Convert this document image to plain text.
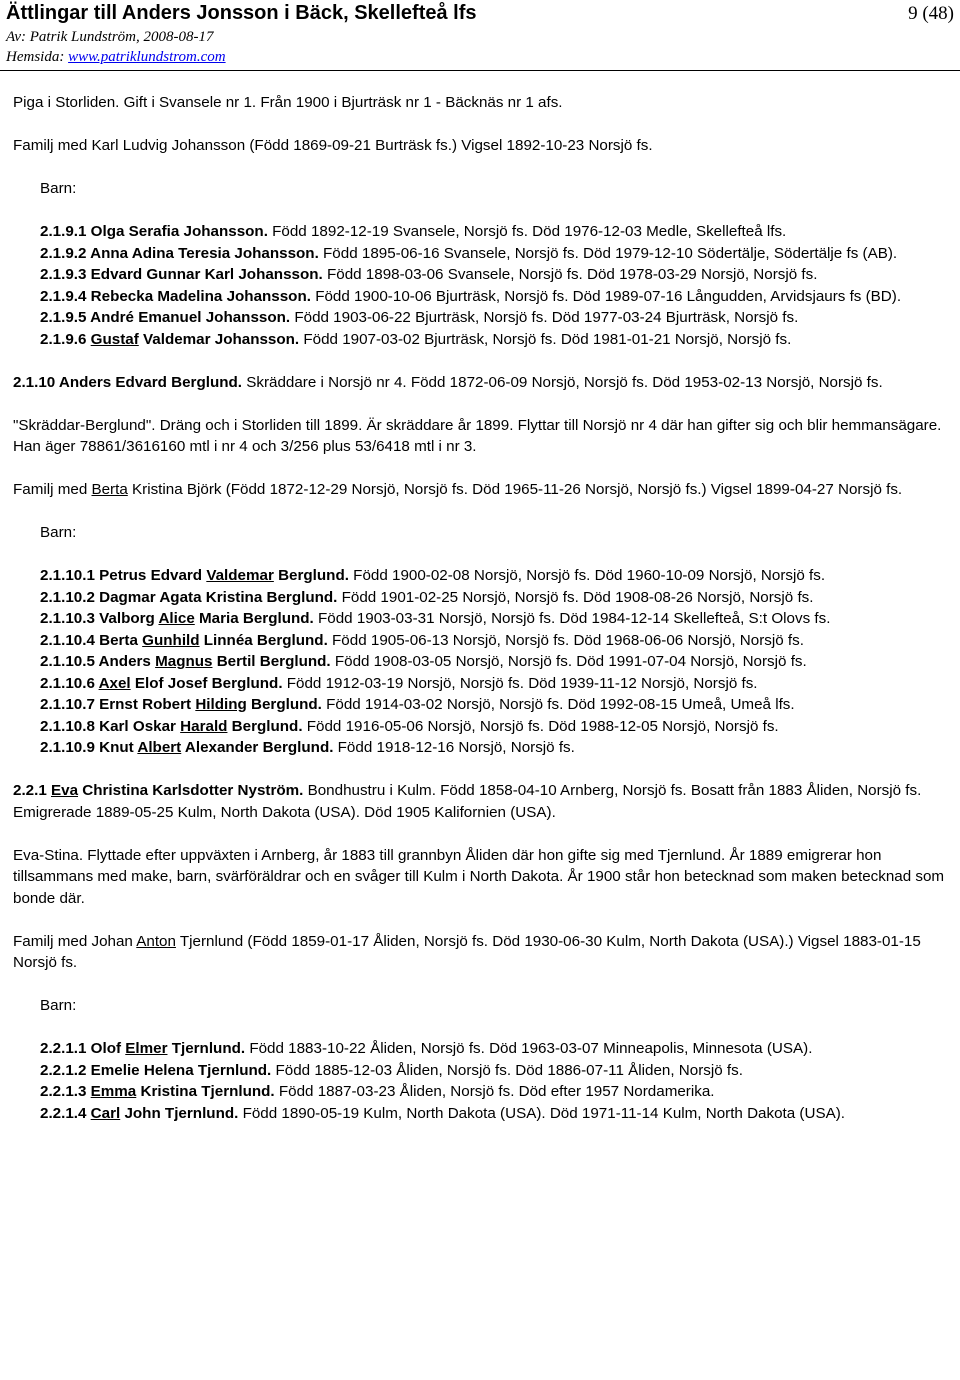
Ättlingar till Anders Jonsson i Bäck, Skellefteå lfs	9 (48)
Av: Patrik Lundström, 2008-08-17
Hemsida: www.patriklundstrom.com

Piga i Storliden. Gift i Svansele nr 1. Från 1900 i Bjurträsk nr 1 - Bäcknäs nr 1 afs.

Familj med Karl Ludvig Johansson (Född 1869-09-21 Burträsk fs.) Vigsel 1892-10-23 Norsjö fs.

Barn:

2.1.9.1 Olga Serafia Johansson. Född 1892-12-19 Svansele, Norsjö fs. Död 1976-12-03 Medle, Skellefteå lfs.

2.1.9.2 Anna Adina Teresia Johansson. Född 1895-06-16 Svansele, Norsjö fs. Död 1979-12-10 Södertälje, Södertälje fs (AB).

2.1.9.3 Edvard Gunnar Karl Johansson. Född 1898-03-06 Svansele, Norsjö fs. Död 1978-03-29 Norsjö, Norsjö fs.

2.1.9.4 Rebecka Madelina Johansson. Född 1900-10-06 Bjurträsk, Norsjö fs. Död 1989-07-16 Långudden, Arvidsjaurs fs (BD).

2.1.9.5 André Emanuel Johansson. Född 1903-06-22 Bjurträsk, Norsjö fs. Död 1977-03-24 Bjurträsk, Norsjö fs.

2.1.9.6 Gustaf Valdemar Johansson. Född 1907-03-02 Bjurträsk, Norsjö fs. Död 1981-01-21 Norsjö, Norsjö fs.

2.1.10 Anders Edvard Berglund. Skräddare i Norsjö nr 4. Född 1872-06-09 Norsjö, Norsjö fs. Död 1953-02-13 Norsjö, Norsjö fs.

"Skräddar-Berglund". Dräng och i Storliden till 1899. Är skräddare år 1899. Flyttar till Norsjö nr 4 där han gifter sig och blir hemmansägare. Han äger 78861/3616160 mtl i nr 4 och 3/256 plus 53/6418 mtl i nr 3.

Familj med Berta Kristina Björk (Född 1872-12-29 Norsjö, Norsjö fs. Död 1965-11-26 Norsjö, Norsjö fs.) Vigsel 1899-04-27 Norsjö fs.

Barn:

2.1.10.1 Petrus Edvard Valdemar Berglund. Född 1900-02-08 Norsjö, Norsjö fs. Död 1960-10-09 Norsjö, Norsjö fs.

2.1.10.2 Dagmar Agata Kristina Berglund. Född 1901-02-25 Norsjö, Norsjö fs. Död 1908-08-26 Norsjö, Norsjö fs.

2.1.10.3 Valborg Alice Maria Berglund. Född 1903-03-31 Norsjö, Norsjö fs. Död 1984-12-14 Skellefteå, S:t Olovs fs.

2.1.10.4 Berta Gunhild Linnéa Berglund. Född 1905-06-13 Norsjö, Norsjö fs. Död 1968-06-06 Norsjö, Norsjö fs.

2.1.10.5 Anders Magnus Bertil Berglund. Född 1908-03-05 Norsjö, Norsjö fs. Död 1991-07-04 Norsjö, Norsjö fs.

2.1.10.6 Axel Elof Josef Berglund. Född 1912-03-19 Norsjö, Norsjö fs. Död 1939-11-12 Norsjö, Norsjö fs.

2.1.10.7 Ernst Robert Hilding Berglund. Född 1914-03-02 Norsjö, Norsjö fs. Död 1992-08-15 Umeå, Umeå lfs.

2.1.10.8 Karl Oskar Harald Berglund. Född 1916-05-06 Norsjö, Norsjö fs. Död 1988-12-05 Norsjö, Norsjö fs.

2.1.10.9 Knut Albert Alexander Berglund. Född 1918-12-16 Norsjö, Norsjö fs.

2.2.1 Eva Christina Karlsdotter Nyström. Bondhustru i Kulm. Född 1858-04-10 Arnberg, Norsjö fs. Bosatt från 1883 Åliden, Norsjö fs. Emigrerade 1889-05-25 Kulm, North Dakota (USA). Död 1905 Kalifornien (USA).

Eva-Stina. Flyttade efter uppväxten i Arnberg, år 1883 till grannbyn Åliden där hon gifte sig med Tjernlund. År 1889 emigrerar hon tillsammans med make, barn, svärföräldrar och en svåger till Kulm i North Dakota. År 1900 står hon betecknad som maken betecknad som bonde där.

Familj med Johan Anton Tjernlund (Född 1859-01-17 Åliden, Norsjö fs. Död 1930-06-30 Kulm, North Dakota (USA).) Vigsel 1883-01-15 Norsjö fs.

Barn:

2.2.1.1 Olof Elmer Tjernlund. Född 1883-10-22 Åliden, Norsjö fs. Död 1963-03-07 Minneapolis, Minnesota (USA).

2.2.1.2 Emelie Helena Tjernlund. Född 1885-12-03 Åliden, Norsjö fs. Död 1886-07-11 Åliden, Norsjö fs.

2.2.1.3 Emma Kristina Tjernlund. Född 1887-03-23 Åliden, Norsjö fs. Död efter 1957 Nordamerika.

2.2.1.4 Carl John Tjernlund. Född 1890-05-19 Kulm, North Dakota (USA). Död 1971-11-14 Kulm, North Dakota (USA).
